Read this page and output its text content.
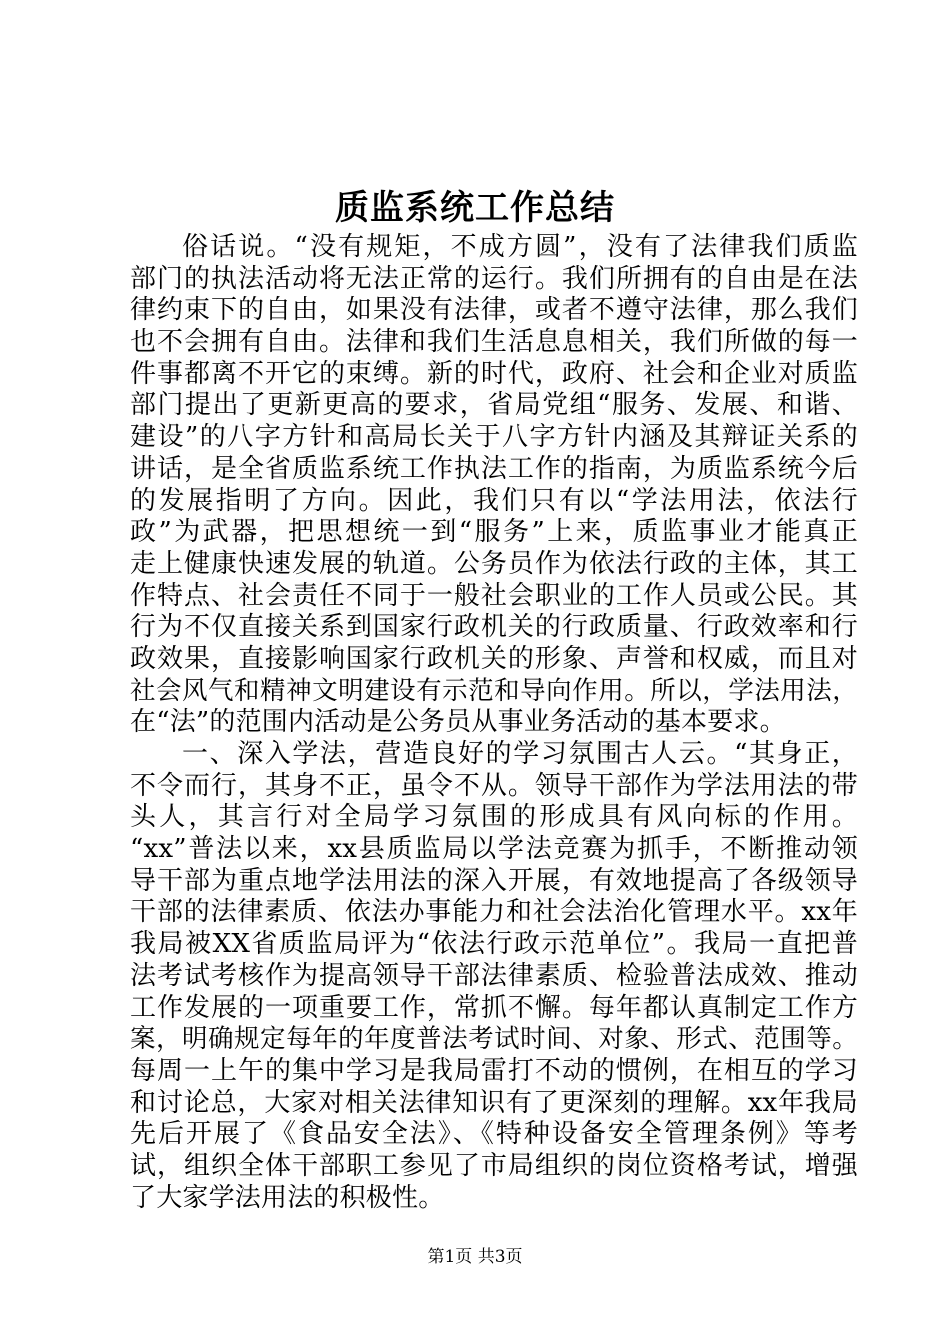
质监系统工作总结
俗话说。“没有规矩，不成方圆”，没有了法律我们质监
部门的执法活动将无法正常的运行。我们所拥有的自由是在法
律约束下的自由，如果没有法律，或者不遵守法律，那么我们
也不会拥有自由。法律和我们生活息息相关，我们所做的每一
件事都离不开它的束缚。新的时代，政府、社会和企业对质监
部门提出了更新更高的要求，省局党组“服务、发展、和谐、
建设”的八字方针和高局长关于八字方针内涵及其辩证关系的
讲话，是全省质监系统工作执法工作的指南，为质监系统今后
的发展指明了方向。因此，我们只有以“学法用法，依法行
政”为武器，把思想统一到“服务”上来，质监事业才能真正
走上健康快速发展的轨道。公务员作为依法行政的主体，其工
作特点、社会责任不同于一般社会职业的工作人员或公民。其
行为不仅直接关系到国家行政机关的行政质量、行政效率和行
政效果，直接影响国家行政机关的形象、声誉和权威，而且对
社会风气和精神文明建设有示范和导向作用。所以，学法用法，
在“法”的范围内活动是公务员从事业务活动的基本要求。
一、深入学法，营造良好的学习氛围古人云。“其身正，
不令而行，其身不正，虽令不从。领导干部作为学法用法的带
头人，其言行对全局学习氛围的形成具有风向标的作用。
“xx”普法以来，xx县质监局以学法竞赛为抓手，不断推动领
导干部为重点地学法用法的深入开展，有效地提高了各级领导
干部的法律素质、依法办事能力和社会法治化管理水平。xx年
我局被XX省质监局评为“依法行政示范单位”。我局一直把普
法考试考核作为提高领导干部法律素质、检验普法成效、推动
工作发展的一项重要工作，常抓不懈。每年都认真制定工作方
案，明确规定每年的年度普法考试时间、对象、形式、范围等。
每周一上午的集中学习是我局雷打不动的惯例，在相互的学习
和讨论总，大家对相关法律知识有了更深刻的理解。xx年我局
先后开展了《食品安全法》、《特种设备安全管理条例》等考
试，组织全体干部职工参见了市局组织的岗位资格考试，增强
了大家学法用法的积极性。
第1页 共3页
